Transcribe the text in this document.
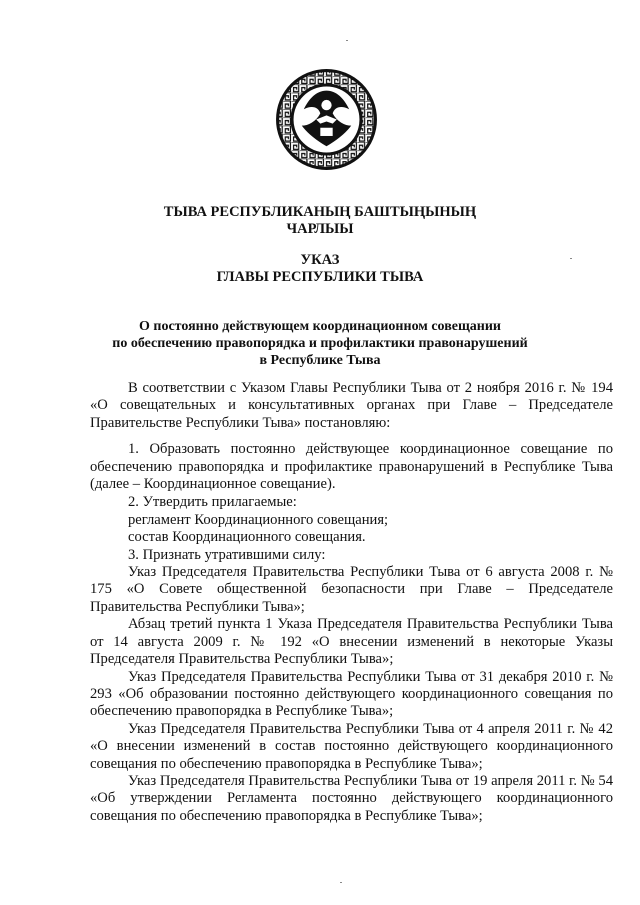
ТЫВА РЕСПУБЛИКАНЫҢ БАШТЫҢЫНЫҢ
ЧАРЛЫЫ
УКАЗ
ГЛАВЫ РЕСПУБЛИКИ ТЫВА
О постоянно действующем координационном совещании
по обеспечению правопорядка и профилактики правонарушений
в Республике Тыва

В соответствии с Указом Главы Республики Тыва от 2 ноября 2016 г. № 194 «О совещательных и консультативных органах при Главе – Председателе Правительстве Республики Тыва» постановляю:

1. Образовать постоянно действующее координационное совещание по обеспечению правопорядка и профилактике правонарушений в Республике Тыва (далее – Координационное совещание).

2. Утвердить прилагаемые:

регламент Координационного совещания;

состав Координационного совещания.

3. Признать утратившими силу:

Указ Председателя Правительства Республики Тыва от 6 августа 2008 г. № 175 «О Совете общественной безопасности при Главе – Председателе Правительства Республики Тыва»;

Абзац третий пункта 1 Указа Председателя Правительства Республики Тыва от 14 августа 2009 г. № 192 «О внесении изменений в некоторые Указы Председателя Правительства Республики Тыва»;

Указ Председателя Правительства Республики Тыва от 31 декабря 2010 г. № 293 «Об образовании постоянно действующего координационного совещания по обеспечению правопорядка в Республике Тыва»;

Указ Председателя Правительства Республики Тыва от 4 апреля 2011 г. № 42 «О внесении изменений в состав постоянно действующего координационного совещания по обеспечению правопорядка в Республике Тыва»;

Указ Председателя Правительства Республики Тыва от 19 апреля 2011 г. № 54 «Об утверждении Регламента постоянно действующего координационного совещания по обеспечению правопорядка в Республике Тыва»;
